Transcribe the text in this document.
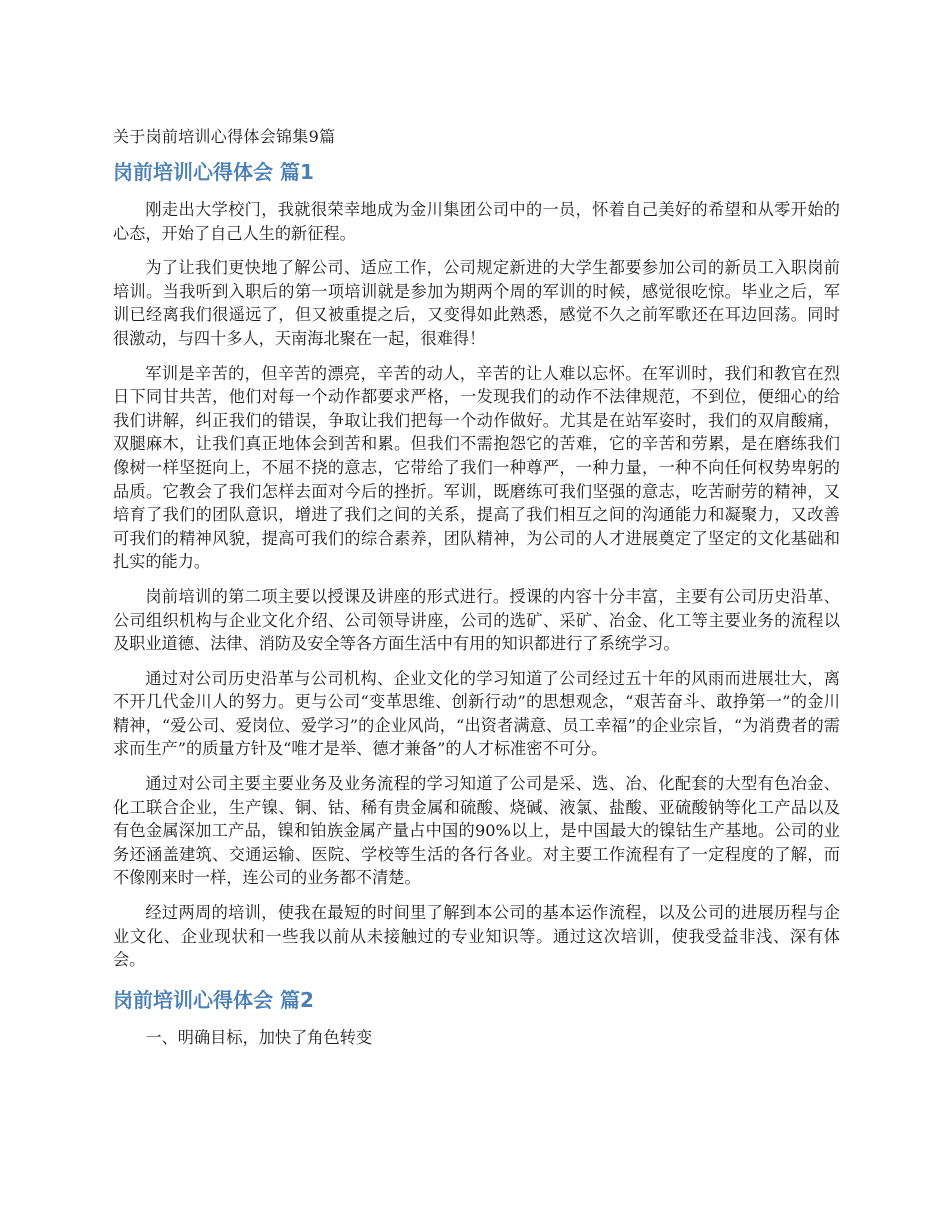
关于岗前培训心得体会锦集9篇
岗前培训心得体会 篇1

刚走出大学校门，我就很荣幸地成为金川集团公司中的一员，怀着自己美好的希望和从零开始的心态，开始了自己人生的新征程。

为了让我们更快地了解公司、适应工作，公司规定新进的大学生都要参加公司的新员工入职岗前培训。当我听到入职后的第一项培训就是参加为期两个周的军训的时候，感觉很吃惊。毕业之后，军训已经离我们很遥远了，但又被重提之后，又变得如此熟悉，感觉不久之前军歌还在耳边回荡。同时很激动，与四十多人，天南海北聚在一起，很难得！

军训是辛苦的，但辛苦的漂亮，辛苦的动人，辛苦的让人难以忘怀。在军训时，我们和教官在烈日下同甘共苦，他们对每一个动作都要求严格，一发现我们的动作不法律规范，不到位，便细心的给我们讲解，纠正我们的错误，争取让我们把每一个动作做好。尤其是在站军姿时，我们的双肩酸痛，双腿麻木，让我们真正地体会到苦和累。但我们不需抱怨它的苦难，它的辛苦和劳累，是在磨练我们像树一样坚挺向上，不屈不挠的意志，它带给了我们一种尊严，一种力量，一种不向任何权势卑躬的品质。它教会了我们怎样去面对今后的挫折。军训，既磨练可我们坚强的意志，吃苦耐劳的精神，又培育了我们的团队意识，增进了我们之间的关系，提高了我们相互之间的沟通能力和凝聚力，又改善可我们的精神风貌，提高可我们的综合素养，团队精神，为公司的人才进展奠定了坚定的文化基础和扎实的能力。

岗前培训的第二项主要以授课及讲座的形式进行。授课的内容十分丰富，主要有公司历史沿革、公司组织机构与企业文化介绍、公司领导讲座，公司的选矿、采矿、冶金、化工等主要业务的流程以及职业道德、法律、消防及安全等各方面生活中有用的知识都进行了系统学习。

通过对公司历史沿革与公司机构、企业文化的学习知道了公司经过五十年的风雨而进展壮大，离不开几代金川人的努力。更与公司“变革思维、创新行动”的思想观念，“艰苦奋斗、敢挣第一”的金川精神，“爱公司、爱岗位、爱学习”的企业风尚，“出资者满意、员工幸福”的企业宗旨，“为消费者的需求而生产”的质量方针及“唯才是举、德才兼备”的人才标准密不可分。

通过对公司主要主要业务及业务流程的学习知道了公司是采、选、冶、化配套的大型有色冶金、化工联合企业，生产镍、铜、钴、稀有贵金属和硫酸、烧碱、液氯、盐酸、亚硫酸钠等化工产品以及有色金属深加工产品，镍和铂族金属产量占中国的90%以上，是中国最大的镍钴生产基地。公司的业务还涵盖建筑、交通运输、医院、学校等生活的各行各业。对主要工作流程有了一定程度的了解，而不像刚来时一样，连公司的业务都不清楚。

经过两周的培训，使我在最短的时间里了解到本公司的基本运作流程，以及公司的进展历程与企业文化、企业现状和一些我以前从未接触过的专业知识等。通过这次培训，使我受益非浅、深有体会。

岗前培训心得体会 篇2

一、明确目标，加快了角色转变
